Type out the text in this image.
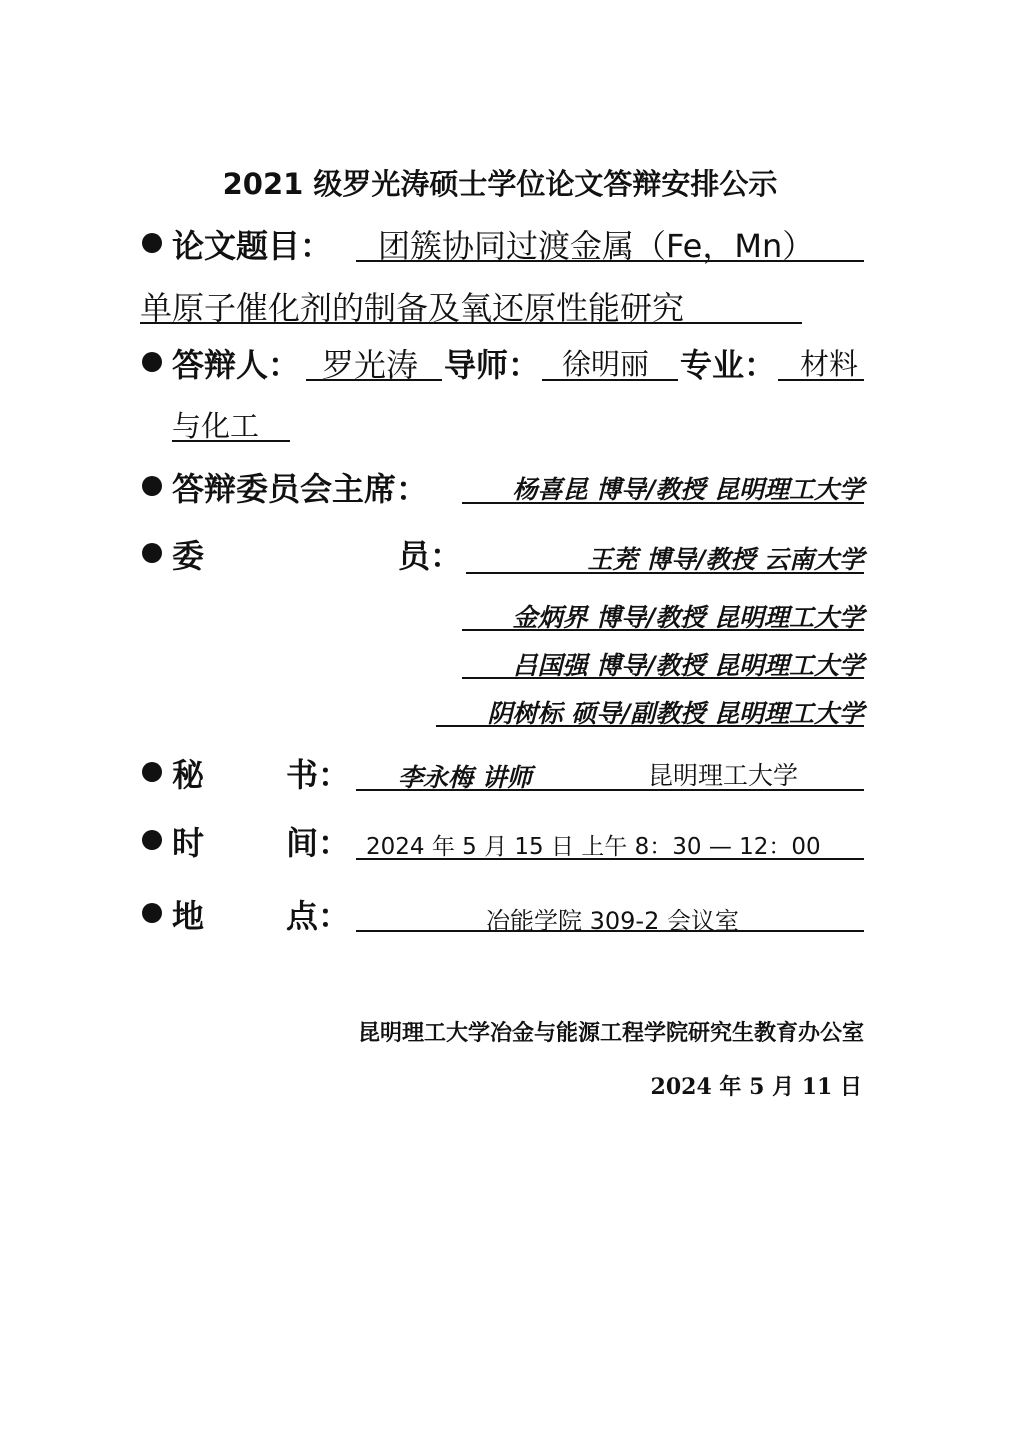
2021 级罗光涛硕士学位论文答辩安排公示
论文题目： 团簇协同过渡金属（Fe，Mn）
单原子催化剂的制备及氧还原性能研究
答辩人： 罗光涛 导师： 徐明丽 专业： 材料
与化工
答辩委员会主席：	杨喜昆 博导/教授 昆明理工大学
委	员：	王茺 博导/教授 云南大学
金炳界 博导/教授 昆明理工大学
吕国强 博导/教授 昆明理工大学
阴树标 硕导/副教授 昆明理工大学
秘	书： 李永梅 讲师	昆明理工大学
时	间： 2024 年 5 月 15 日 上午 8：30 — 12：00
地	点：	冶能学院 309-2 会议室
昆明理工大学冶金与能源工程学院研究生教育办公室
2024 年 5 月 11 日
